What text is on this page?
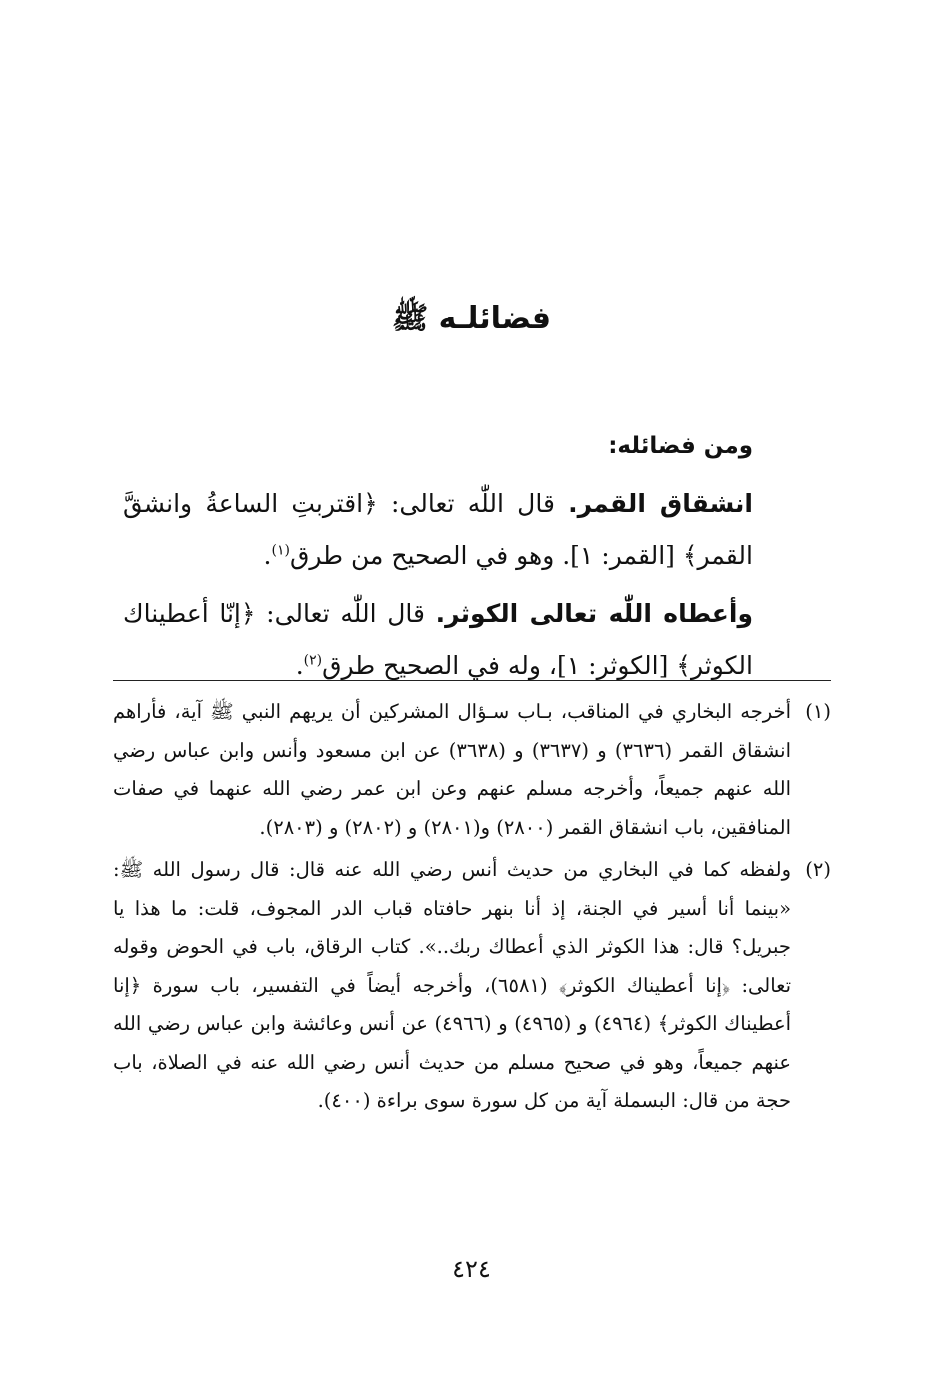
فضائلـه ﷺ

ومن فضائله:

انشقاق القمر. قال اللّٰه تعالى: ﴿اقتربتِ الساعةُ وانشقَّ القمر﴾ [القمر: ١]. وهو في الصحيح من طرق$^{(١)}$.

وأعطاه اللّٰه تعالى الكوثر. قال اللّٰه تعالى: ﴿إنّا أعطيناك الكوثر﴾ [الكوثر: ١]، وله في الصحيح طرق$^{(٢)}$.

(١)
أخرجه البخاري في المناقب، بـاب سـؤال المشركين أن يريهم النبي ﷺ آية، فأراهم انشقاق القمر (٣٦٣٦) و (٣٦٣٧) و (٣٦٣٨) عن ابن مسعود وأنس وابن عباس رضي الله عنهم جميعاً، وأخرجه مسلم عنهم وعن ابن عمر رضي الله عنهما في صفات المنافقين، باب انشقاق القمر (٢٨٠٠) و(٢٨٠١) و (٢٨٠٢) و (٢٨٠٣).

(٢)
ولفظه كما في البخاري من حديث أنس رضي الله عنه قال: قال رسول الله ﷺ: «بينما أنا أسير في الجنة، إذ أنا بنهر حافتاه قباب الدر المجوف، قلت: ما هذا يا جبريل؟ قال: هذا الكوثر الذي أعطاك ربك..». كتاب الرقاق، باب في الحوض وقوله تعالى: ﴿إنا أعطيناك الكوثر﴾ (٦٥٨١)، وأخرجه أيضاً في التفسير، باب سورة ﴿إنا أعطيناك الكوثر﴾ (٤٩٦٤) و (٤٩٦٥) و (٤٩٦٦) عن أنس وعائشة وابن عباس رضي الله عنهم جميعاً، وهو في صحيح مسلم من حديث أنس رضي الله عنه في الصلاة، باب حجة من قال: البسملة آية من كل سورة سوى براءة (٤٠٠).

٤٢٤
